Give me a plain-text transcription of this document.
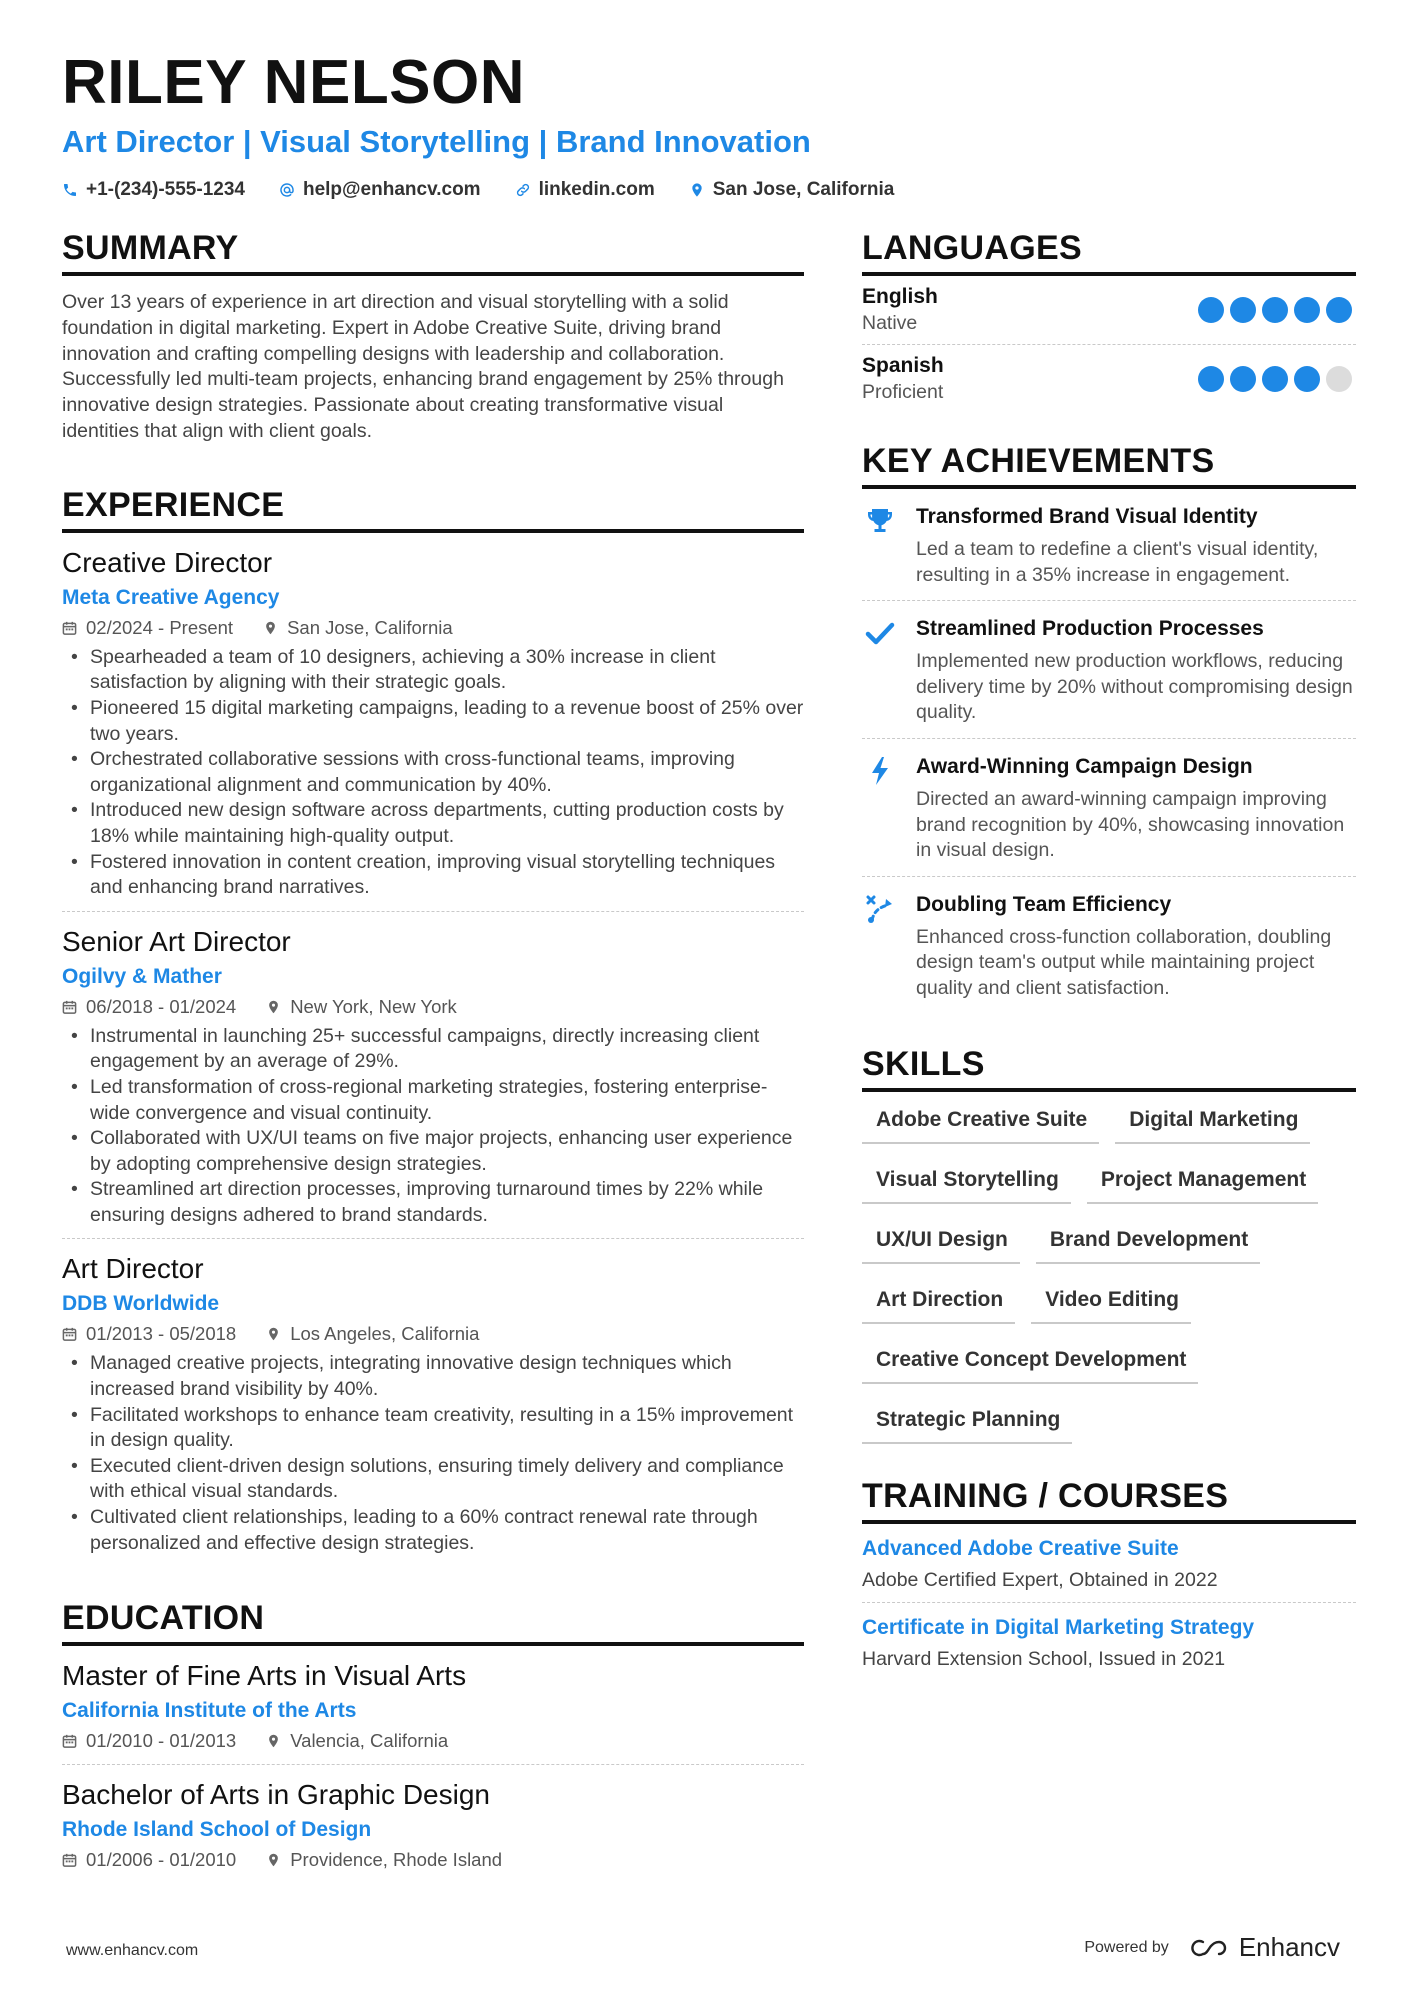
RILEY NELSON
Art Director | Visual Storytelling | Brand Innovation
+1-(234)-555-1234	help@enhancv.com	linkedin.com	San Jose, California
SUMMARY

Over 13 years of experience in art direction and visual storytelling with a solid foundation in digital marketing. Expert in Adobe Creative Suite, driving brand innovation and crafting compelling designs with leadership and collaboration. Successfully led multi-team projects, enhancing brand engagement by 25% through innovative design strategies. Passionate about creating transformative visual identities that align with client goals.

EXPERIENCE
Creative Director
Meta Creative Agency
02/2024 - Present	San Jose, California
• Spearheaded a team of 10 designers, achieving a 30% increase in client satisfaction by aligning with their strategic goals.
• Pioneered 15 digital marketing campaigns, leading to a revenue boost of 25% over two years.
• Orchestrated collaborative sessions with cross-functional teams, improving organizational alignment and communication by 40%.
• Introduced new design software across departments, cutting production costs by 18% while maintaining high-quality output.
• Fostered innovation in content creation, improving visual storytelling techniques and enhancing brand narratives.
Senior Art Director
Ogilvy & Mather
06/2018 - 01/2024	New York, New York
• Instrumental in launching 25+ successful campaigns, directly increasing client engagement by an average of 29%.
• Led transformation of cross-regional marketing strategies, fostering enterprise-wide convergence and visual continuity.
• Collaborated with UX/UI teams on five major projects, enhancing user experience by adopting comprehensive design strategies.
• Streamlined art direction processes, improving turnaround times by 22% while ensuring designs adhered to brand standards.
Art Director
DDB Worldwide
01/2013 - 05/2018	Los Angeles, California
• Managed creative projects, integrating innovative design techniques which increased brand visibility by 40%.
• Facilitated workshops to enhance team creativity, resulting in a 15% improvement in design quality.
• Executed client-driven design solutions, ensuring timely delivery and compliance with ethical visual standards.
• Cultivated client relationships, leading to a 60% contract renewal rate through personalized and effective design strategies.
EDUCATION
Master of Fine Arts in Visual Arts
California Institute of the Arts
01/2010 - 01/2013	Valencia, California
Bachelor of Arts in Graphic Design
Rhode Island School of Design
01/2006 - 01/2010	Providence, Rhode Island
LANGUAGES
English
Native
Spanish
Proficient
KEY ACHIEVEMENTS
Transformed Brand Visual Identity
Led a team to redefine a client's visual identity, resulting in a 35% increase in engagement.
Streamlined Production Processes
Implemented new production workflows, reducing delivery time by 20% without compromising design quality.
Award-Winning Campaign Design
Directed an award-winning campaign improving brand recognition by 40%, showcasing innovation in visual design.
Doubling Team Efficiency
Enhanced cross-function collaboration, doubling design team's output while maintaining project quality and client satisfaction.
SKILLS
Adobe Creative Suite	Digital Marketing
Visual Storytelling	Project Management
UX/UI Design	Brand Development
Art Direction	Video Editing
Creative Concept Development
Strategic Planning
TRAINING / COURSES
Advanced Adobe Creative Suite
Adobe Certified Expert, Obtained in 2022
Certificate in Digital Marketing Strategy
Harvard Extension School, Issued in 2021
www.enhancv.com	Powered by	Enhancv
